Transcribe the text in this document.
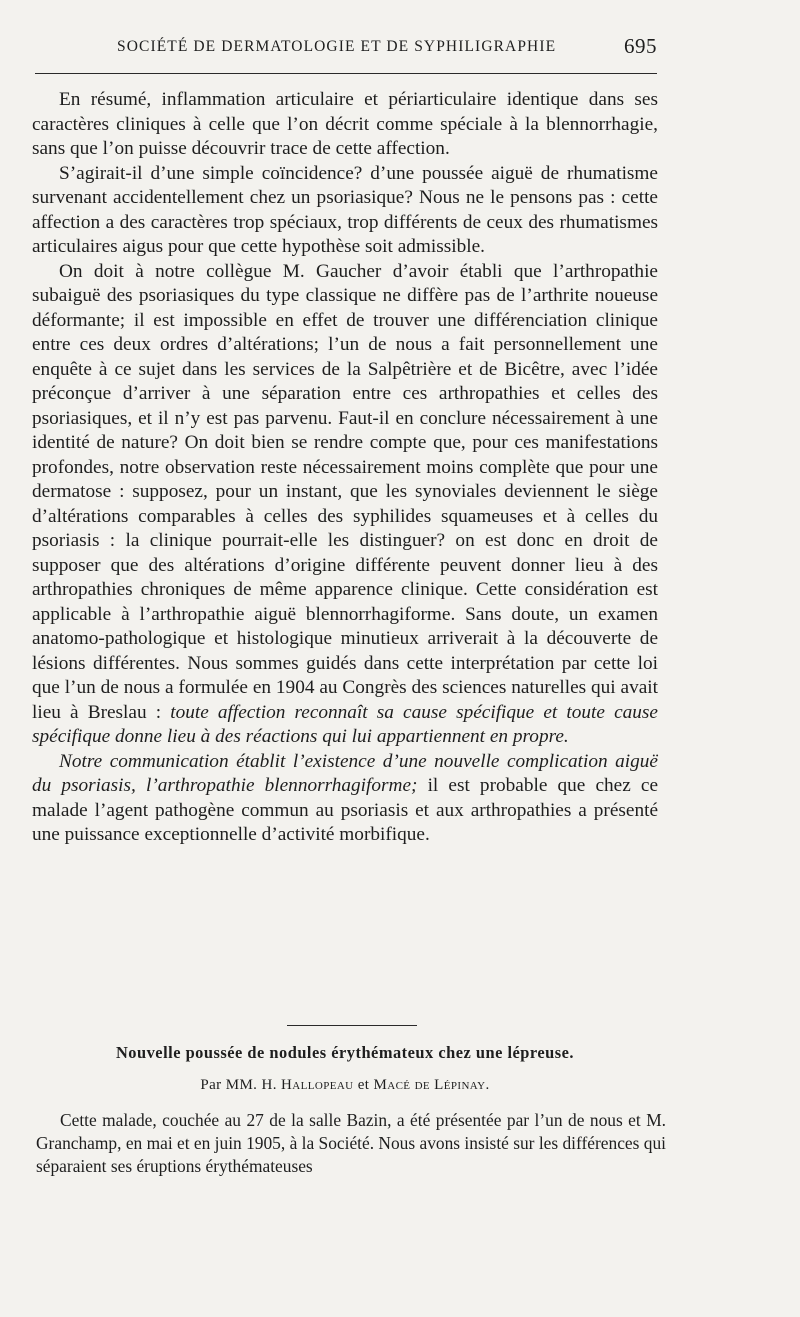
SOCIÉTÉ DE DERMATOLOGIE ET DE SYPHILIGRAPHIE	695

En résumé, inflammation articulaire et périarticulaire identique dans ses caractères cliniques à celle que l’on décrit comme spéciale à la blennorrhagie, sans que l’on puisse découvrir trace de cette affection.

S’agirait-il d’une simple coïncidence? d’une poussée aiguë de rhumatisme survenant accidentellement chez un psoriasique? Nous ne le pensons pas : cette affection a des caractères trop spéciaux, trop différents de ceux des rhumatismes articulaires aigus pour que cette hypothèse soit admissible.

On doit à notre collègue M. Gaucher d’avoir établi que l’arthropathie subaiguë des psoriasiques du type classique ne diffère pas de l’arthrite noueuse déformante; il est impossible en effet de trouver une différenciation clinique entre ces deux ordres d’altérations; l’un de nous a fait personnellement une enquête à ce sujet dans les services de la Salpêtrière et de Bicêtre, avec l’idée préconçue d’arriver à une séparation entre ces arthropathies et celles des psoriasiques, et il n’y est pas parvenu. Faut-il en conclure nécessairement à une identité de nature? On doit bien se rendre compte que, pour ces manifestations profondes, notre observation reste nécessairement moins complète que pour une dermatose : supposez, pour un instant, que les synoviales deviennent le siège d’altérations comparables à celles des syphilides squameuses et à celles du psoriasis : la clinique pourrait-elle les distinguer? on est donc en droit de supposer que des altérations d’origine différente peuvent donner lieu à des arthropathies chroniques de même apparence clinique. Cette considération est applicable à l’arthropathie aiguë blennorrhagiforme. Sans doute, un examen anatomo-pathologique et histologique minutieux arriverait à la découverte de lésions différentes. Nous sommes guidés dans cette interprétation par cette loi que l’un de nous a formulée en 1904 au Congrès des sciences naturelles qui avait lieu à Breslau : toute affection reconnaît sa cause spécifique et toute cause spécifique donne lieu à des réactions qui lui appartiennent en propre.

Notre communication établit l’existence d’une nouvelle complication aiguë du psoriasis, l’arthropathie blennorrhagiforme; il est probable que chez ce malade l’agent pathogène commun au psoriasis et aux arthropathies a présenté une puissance exceptionnelle d’activité morbifique.

Nouvelle poussée de nodules érythémateux chez une lépreuse.
Par MM. H. Hallopeau et Macé de Lépinay.

Cette malade, couchée au 27 de la salle Bazin, a été présentée par l’un de nous et M. Granchamp, en mai et en juin 1905, à la Société. Nous avons insisté sur les différences qui séparaient ses éruptions érythémateuses
